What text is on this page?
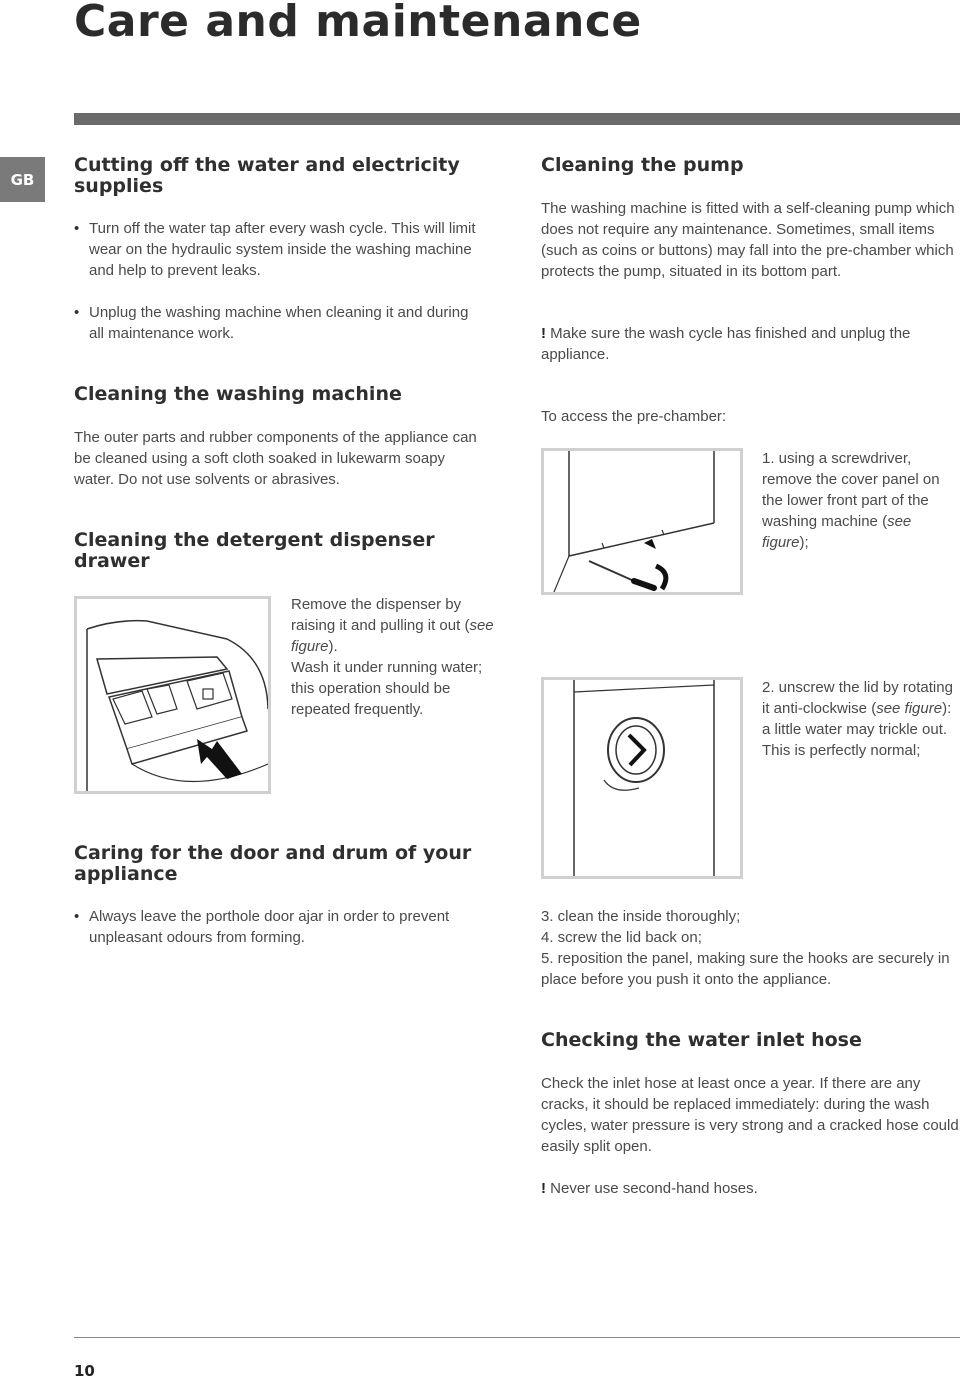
Care and maintenance
GB
Cutting off the water and electricity supplies
• Turn off the water tap after every wash cycle. This will limit wear on the hydraulic system inside the washing machine and help to prevent leaks.
• Unplug the washing machine when cleaning it and during all maintenance work.
Cleaning the washing machine

The outer parts and rubber components of the appliance can be cleaned using a soft cloth soaked in lukewarm soapy water. Do not use solvents or abrasives.

Cleaning the detergent dispenser drawer

Remove the dispenser by raising it and pulling it out (see figure).

Wash it under running water; this operation should be repeated frequently.

Caring for the door and drum of your appliance
• Always leave the porthole door ajar in order to prevent unpleasant odours from forming.
Cleaning the pump

The washing machine is fitted with a self-cleaning pump which does not require any maintenance. Sometimes, small items (such as coins or buttons) may fall into the pre-chamber which protects the pump, situated in its bottom part.

! Make sure the wash cycle has finished and unplug the appliance.

To access the pre-chamber:

1. using a screwdriver, remove the cover panel on the lower front part of the washing machine (see figure);

2. unscrew the lid by rotating it anti-clockwise (see figure): a little water may trickle out. This is perfectly normal;

3. clean the inside thoroughly;

4. screw the lid back on;

5. reposition the panel, making sure the hooks are securely in place before you push it onto the appliance.

Checking the water inlet hose

Check the inlet hose at least once a year. If there are any cracks, it should be replaced immediately: during the wash cycles, water pressure is very strong and a cracked hose could easily split open.

! Never use second-hand hoses.

10
